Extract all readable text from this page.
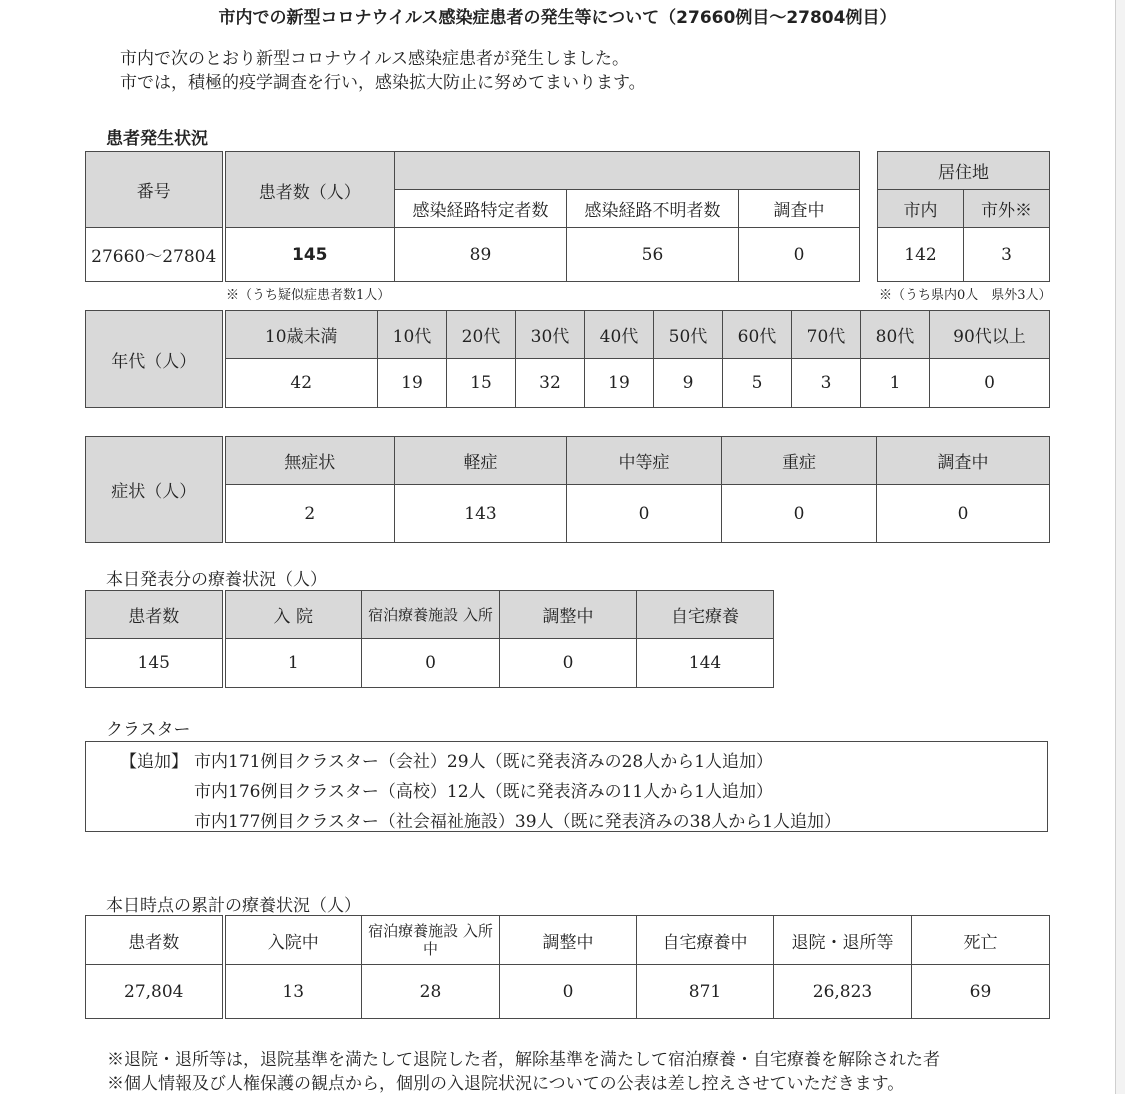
市内での新型コロナウイルス感染症患者の発生等について（27660例目～27804例目）
市内で次のとおり新型コロナウイルス感染症患者が発生しました。
市では，積極的疫学調査を行い，感染拡大防止に努めてまいります。
患者発生状況
番号	患者数（人）			
		感染経路特定者数	感染経路不明者数	調査中
27660～27804	145	89	56	0
居住地	
市内	市外※
142	3
※（うち疑似症患者数1人）	※（うち県内0人　県外3人）
年代（人）	10歳未満	10代	20代	30代	40代	50代	60代	70代	80代	90代以上
	42	19	15	32	19	9	5	3	1	0
症状（人）	無症状	軽症	中等症	重症	調査中
	2	143	0	0	0
本日発表分の療養状況（人）
患者数	入 院	宿泊療養施設 入所	調整中	自宅療養
145	1	0	0	144
クラスター
【追加】 市内171例目クラスター（会社）29人（既に発表済みの28人から1人追加）
市内176例目クラスター（高校）12人（既に発表済みの11人から1人追加）
市内177例目クラスター（社会福祉施設）39人（既に発表済みの38人から1人追加）
本日時点の累計の療養状況（人）
患者数	入院中	宿泊療養施設 入所中	調整中	自宅療養中	退院・退所等	死亡
27,804	13	28	0	871	26,823	69
※退院・退所等は，退院基準を満たして退院した者，解除基準を満たして宿泊療養・自宅療養を解除された者
※個人情報及び人権保護の観点から，個別の入退院状況についての公表は差し控えさせていただきます。
